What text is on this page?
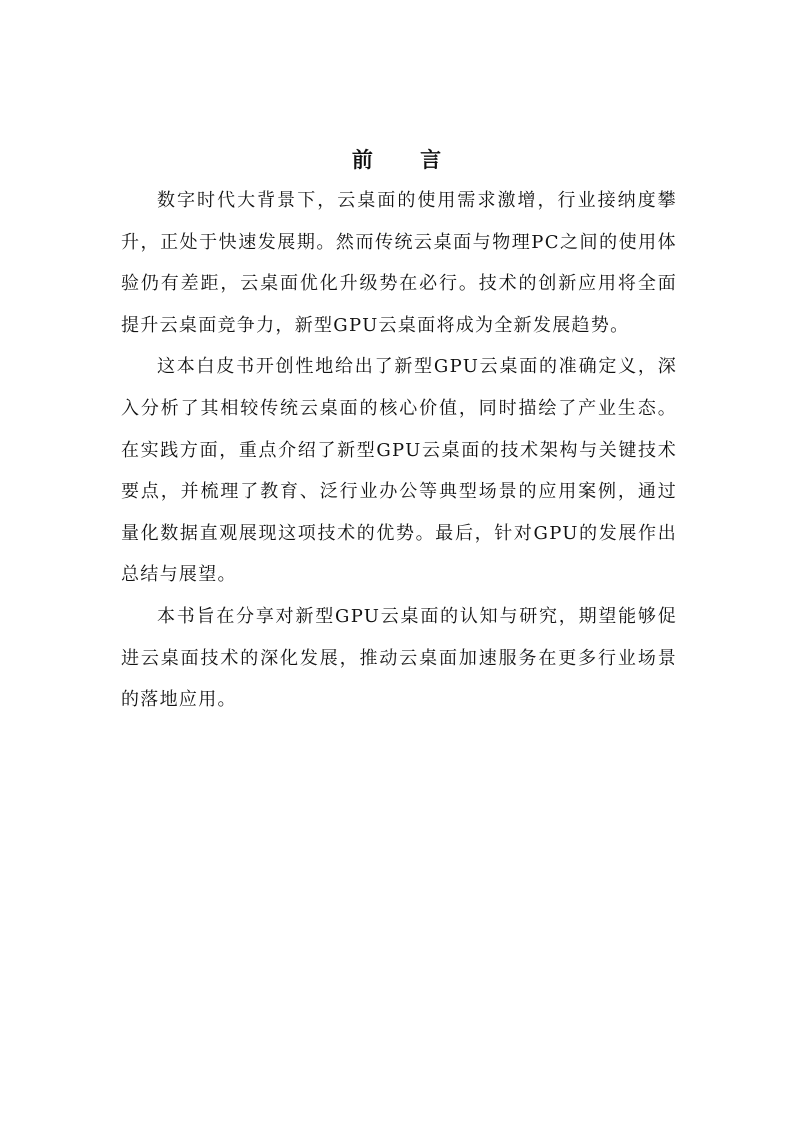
前 言

数字时代大背景下，云桌面的使用需求激增，行业接纳度攀升，正处于快速发展期。然而传统云桌面与物理PC之间的使用体验仍有差距，云桌面优化升级势在必行。技术的创新应用将全面提升云桌面竞争力，新型GPU云桌面将成为全新发展趋势。

这本白皮书开创性地给出了新型GPU云桌面的准确定义，深入分析了其相较传统云桌面的核心价值，同时描绘了产业生态。在实践方面，重点介绍了新型GPU云桌面的技术架构与关键技术要点，并梳理了教育、泛行业办公等典型场景的应用案例，通过量化数据直观展现这项技术的优势。最后，针对GPU的发展作出总结与展望。

本书旨在分享对新型GPU云桌面的认知与研究，期望能够促进云桌面技术的深化发展，推动云桌面加速服务在更多行业场景的落地应用。
